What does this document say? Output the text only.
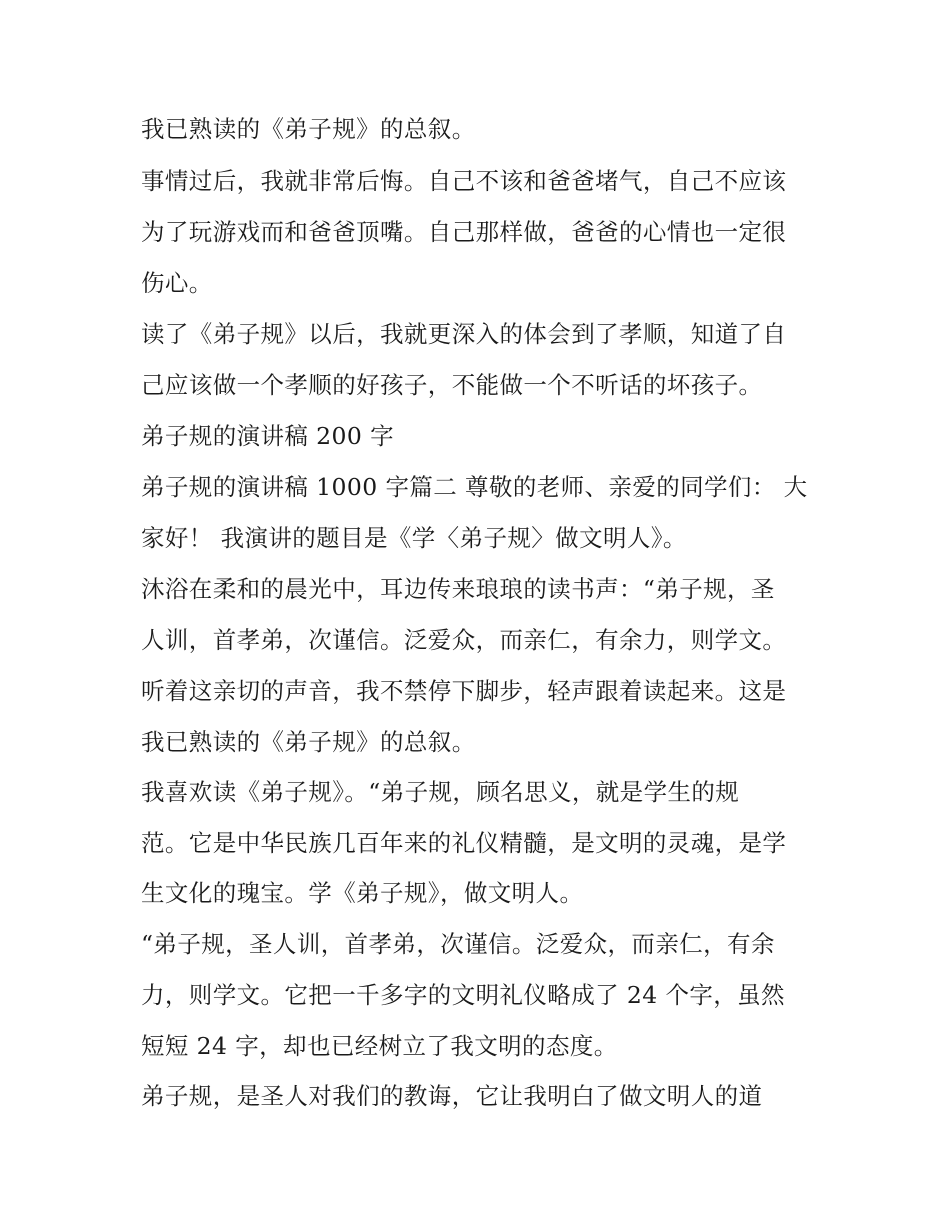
我已熟读的《弟子规》的总叙。

事情过后，我就非常后悔。自己不该和爸爸堵气，自己不应该

为了玩游戏而和爸爸顶嘴。自己那样做，爸爸的心情也一定很

伤心。

读了《弟子规》以后，我就更深入的体会到了孝顺，知道了自

己应该做一个孝顺的好孩子，不能做一个不听话的坏孩子。

弟子规的演讲稿 200 字

弟子规的演讲稿 1000 字篇二 尊敬的老师、亲爱的同学们： 大

家好！ 我演讲的题目是《学〈弟子规〉做文明人》。

沐浴在柔和的晨光中，耳边传来琅琅的读书声：“弟子规，圣

人训，首孝弟，次谨信。泛爱众，而亲仁，有余力，则学文。

听着这亲切的声音，我不禁停下脚步，轻声跟着读起来。这是

我已熟读的《弟子规》的总叙。

我喜欢读《弟子规》。“弟子规，顾名思义，就是学生的规

范。它是中华民族几百年来的礼仪精髓，是文明的灵魂，是学

生文化的瑰宝。学《弟子规》，做文明人。

“弟子规，圣人训，首孝弟，次谨信。泛爱众，而亲仁，有余

力，则学文。它把一千多字的文明礼仪略成了 24 个字，虽然

短短 24 字，却也已经树立了我文明的态度。

弟子规，是圣人对我们的教诲，它让我明白了做文明人的道
